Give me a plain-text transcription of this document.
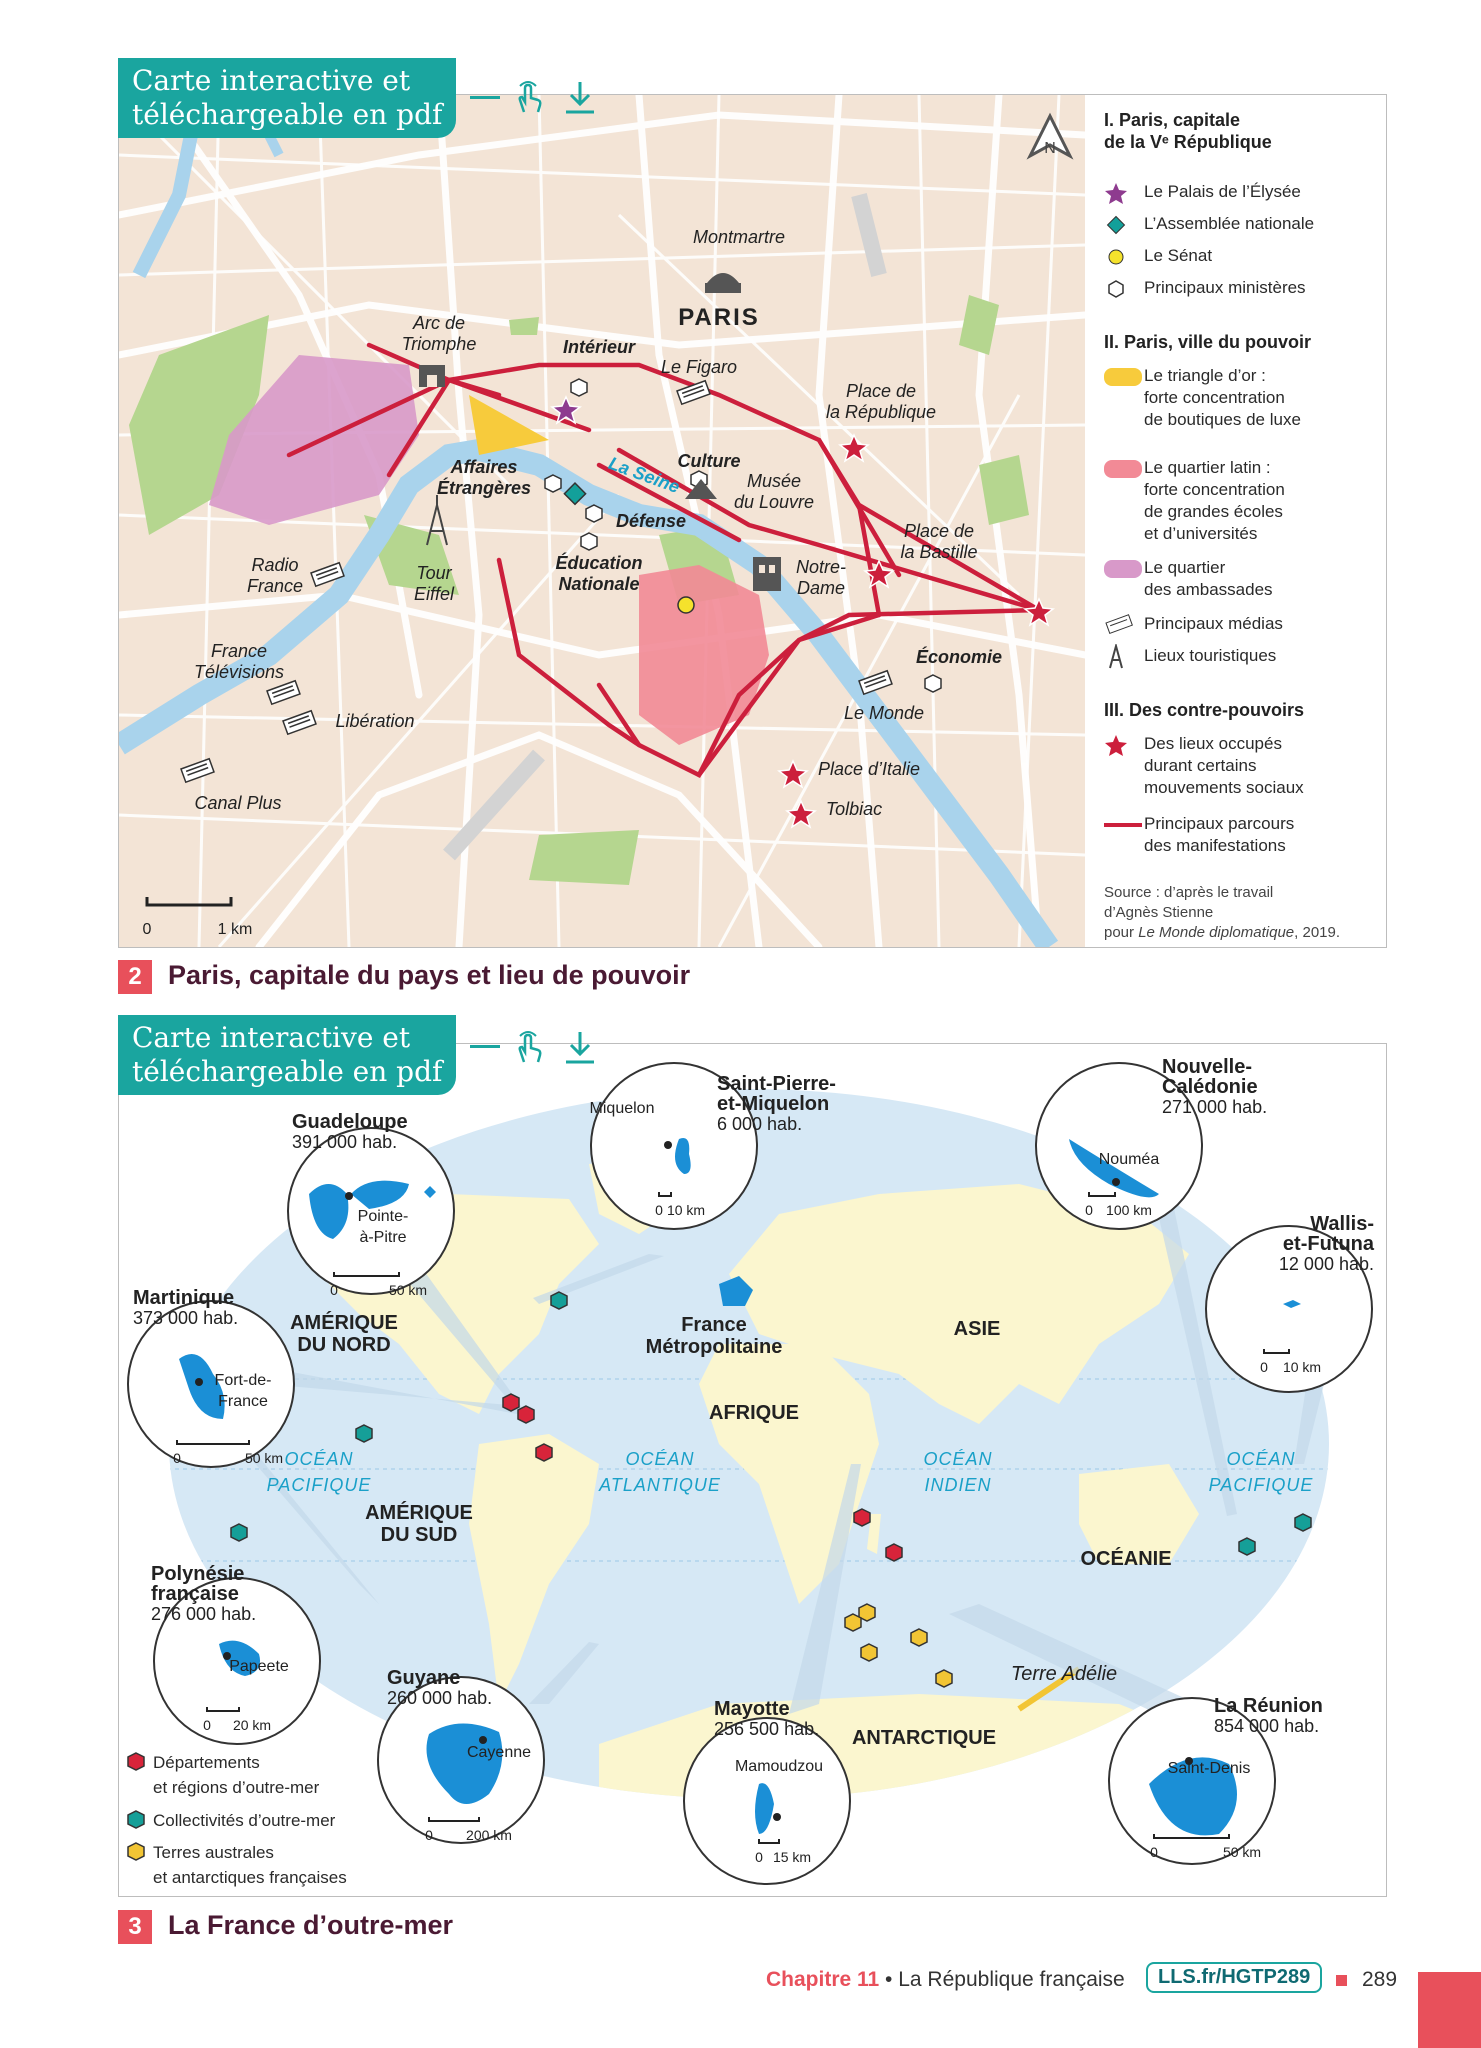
Montmartre
PARIS
Arc de
Triomphe	Intérieur
Le Figaro
Place de
la République
La Seine
Culture
Musée
du Louvre
Affaires
Étrangères
Défense	Place de
la Bastille
Radio
France
Tour
Eiffel
Éducation
Nationale
Notre-
Dame
France
Télévisions
Économie
Le Monde
Libération
Place d’Italie
Canal Plus	Tolbiac
0	1 km
N
I. Paris, capitale
de la Vᵉ République
Le Palais de l’Élysée
L’Assemblée nationale
Le Sénat
Principaux ministères
II. Paris, ville du pouvoir
Le triangle d’or :
forte concentration
de boutiques de luxe
Le quartier latin :
forte concentration
de grandes écoles
et d’universités
Le quartier
des ambassades
Principaux médias
Lieux touristiques
III. Des contre-pouvoirs
Des lieux occupés
durant certains
mouvements sociaux
Principaux parcours
des manifestations
Source : d’après le travail
d’Agnès Stienne
pour Le Monde diplomatique, 2019.
Carte interactive et
téléchargeable en pdf
2 Paris, capitale du pays et lieu de pouvoir
AMÉRIQUE
DU NORD
AMÉRIQUE
DU SUD
AFRIQUE
ASIE
OCÉANIE
ANTARCTIQUE
France
Métropolitaine
OCÉAN
PACIFIQUE
OCÉAN
ATLANTIQUE
OCÉAN
INDIEN
OCÉAN
PACIFIQUE
Terre Adélie
Guadeloupe
391 000 hab.
Saint-Pierre-
et-Miquelon
6 000 hab.
Nouvelle-
Calédonie
271 000 hab.
Wallis-
et-Futuna
12 000 hab.
Martinique
373 000 hab.
Polynésie
française
276 000 hab.
Guyane
260 000 hab.	Mayotte
256 500 hab.
La Réunion
854 000 hab.
Pointe-
à-Pitre
Miquelon
Nouméa
Fort-de-
France
Papeete
Cayenne
Mamoudzou	Saint-Denis
0	50 km
0 10 km	0 100 km
0	10 km
0	50 km
0	20 km
0	200 km
0 15 km	0	50 km
Départements
et régions d’outre-mer
Collectivités d’outre-mer
Terres australes
et antarctiques françaises
Carte interactive et
téléchargeable en pdf
3 La France d’outre-mer
Chapitre 11 • La République française	LLS.fr/HGTP289	289
